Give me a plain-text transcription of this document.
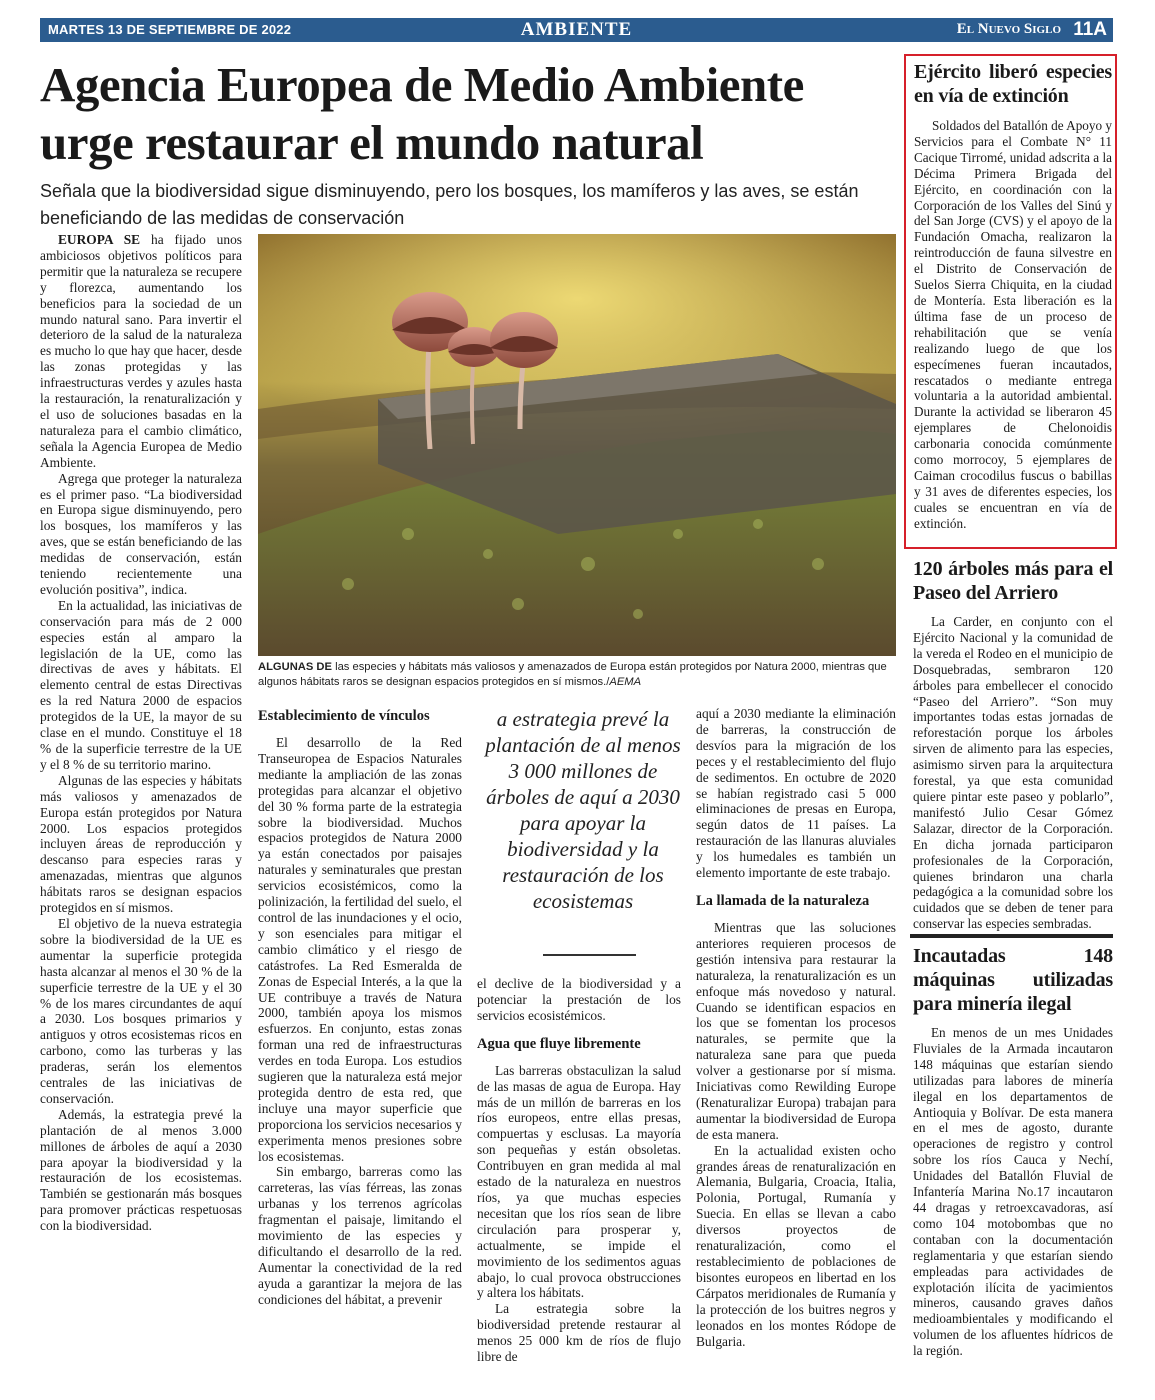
MARTES 13 DE SEPTIEMBRE DE 2022	AMBIENTE	El Nuevo Siglo 11A
Agencia Europea de Medio Ambiente
urge restaurar el mundo natural

Señala que la biodiversidad sigue disminuyendo, pero los bosques, los mamíferos y las aves, se están beneficiando de las medidas de conservación

EUROPA SE ha fijado unos ambiciosos objetivos políticos para permitir que la naturaleza se recupere y florezca, aumentando los beneficios para la sociedad de un mundo natural sano. Para invertir el deterioro de la salud de la naturaleza es mucho lo que hay que hacer, desde las zonas protegidas y las infraestructuras verdes y azules hasta la restauración, la renaturalización y el uso de soluciones basadas en la naturaleza para el cambio climático, señala la Agencia Europea de Medio Ambiente.

Agrega que proteger la naturaleza es el primer paso. “La biodiversidad en Europa sigue disminuyendo, pero los bosques, los mamíferos y las aves, que se están beneficiando de las medidas de conservación, están teniendo recientemente una evolución positiva”, indica.

En la actualidad, las iniciativas de conservación para más de 2 000 especies están al amparo la legislación de la UE, como las directivas de aves y hábitats. El elemento central de estas Directivas es la red Natura 2000 de espacios protegidos de la UE, la mayor de su clase en el mundo. Constituye el 18 % de la superficie terrestre de la UE y el 8 % de su territorio marino.

Algunas de las especies y hábitats más valiosos y amenazados de Europa están protegidos por Natura 2000. Los espacios protegidos incluyen áreas de reproducción y descanso para especies raras y amenazadas, mientras que algunos hábitats raros se designan espacios protegidos en sí mismos.

El objetivo de la nueva estrategia sobre la biodiversidad de la UE es aumentar la superficie protegida hasta alcanzar al menos el 30 % de la superficie terrestre de la UE y el 30 % de los mares circundantes de aquí a 2030. Los bosques primarios y antiguos y otros ecosistemas ricos en carbono, como las turberas y las praderas, serán los elementos centrales de las iniciativas de conservación.

Además, la estrategia prevé la plantación de al menos 3.000 millones de árboles de aquí a 2030 para apoyar la biodiversidad y la restauración de los ecosistemas. También se gestionarán más bosques para promover prácticas respetuosas con la biodiversidad.

ALGUNAS DE las especies y hábitats más valiosos y amenazados de Europa están protegidos por Natura 2000, mientras que algunos hábitats raros se designan espacios protegidos en sí mismos./AEMA

Establecimiento de vínculos

El desarrollo de la Red Transeuropea de Espacios Naturales mediante la ampliación de las zonas protegidas para alcanzar el objetivo del 30 % forma parte de la estrategia sobre la biodiversidad. Muchos espacios protegidos de Natura 2000 ya están conectados por paisajes naturales y seminaturales que prestan servicios ecosistémicos, como la polinización, la fertilidad del suelo, el control de las inundaciones y el ocio, y son esenciales para mitigar el cambio climático y el riesgo de catástrofes. La Red Esmeralda de Zonas de Especial Interés, a la que la UE contribuye a través de Natura 2000, también apoya los mismos esfuerzos. En conjunto, estas zonas forman una red de infraestructuras verdes en toda Europa. Los estudios sugieren que la naturaleza está mejor protegida dentro de esta red, que incluye una mayor superficie que proporciona los servicios necesarios y experimenta menos presiones sobre los ecosistemas.

Sin embargo, barreras como las carreteras, las vías férreas, las zonas urbanas y los terrenos agrícolas fragmentan el paisaje, limitando el movimiento de las especies y dificultando el desarrollo de la red. Aumentar la conectividad de la red ayuda a garantizar la mejora de las condiciones del hábitat, a prevenir

a estrategia prevé la plantación de al menos 3 000 millones de árboles de aquí a 2030 para apoyar la biodiversidad y la restauración de los ecosistemas

el declive de la biodiversidad y a potenciar la prestación de los servicios ecosistémicos.

Agua que fluye libremente

Las barreras obstaculizan la salud de las masas de agua de Europa. Hay más de un millón de barreras en los ríos europeos, entre ellas presas, compuertas y esclusas. La mayoría son pequeñas y están obsoletas. Contribuyen en gran medida al mal estado de la naturaleza en nuestros ríos, ya que muchas especies necesitan que los ríos sean de libre circulación para prosperar y, actualmente, se impide el movimiento de los sedimentos aguas abajo, lo cual provoca obstrucciones y altera los hábitats.

La estrategia sobre la biodiversidad pretende restaurar al menos 25 000 km de ríos de flujo libre de

aquí a 2030 mediante la eliminación de barreras, la construcción de desvíos para la migración de los peces y el restablecimiento del flujo de sedimentos. En octubre de 2020 se habían registrado casi 5 000 eliminaciones de presas en Europa, según datos de 11 países. La restauración de las llanuras aluviales y los humedales es también un elemento importante de este trabajo.

La llamada de la naturaleza

Mientras que las soluciones anteriores requieren procesos de gestión intensiva para restaurar la naturaleza, la renaturalización es un enfoque más novedoso y natural. Cuando se identifican espacios en los que se fomentan los procesos naturales, se permite que la naturaleza sane para que pueda volver a gestionarse por sí misma. Iniciativas como Rewilding Europe (Renaturalizar Europa) trabajan para aumentar la biodiversidad de Europa de esta manera.

En la actualidad existen ocho grandes áreas de renaturalización en Alemania, Bulgaria, Croacia, Italia, Polonia, Portugal, Rumanía y Suecia. En ellas se llevan a cabo diversos proyectos de renaturalización, como el restablecimiento de poblaciones de bisontes europeos en libertad en los Cárpatos meridionales de Rumanía y la protección de los buitres negros y leonados en los montes Ródope de Bulgaria.

Ejército liberó especies en vía de extinción

Soldados del Batallón de Apoyo y Servicios para el Combate N° 11 Cacique Tirromé, unidad adscrita a la Décima Primera Brigada del Ejército, en coordinación con la Corporación de los Valles del Sinú y del San Jorge (CVS) y el apoyo de la Fundación Omacha, realizaron la reintroducción de fauna silvestre en el Distrito de Conservación de Suelos Sierra Chiquita, en la ciudad de Montería. Esta liberación es la última fase de un proceso de rehabilitación que se venía realizando luego de que los especímenes fueran incautados, rescatados o mediante entrega voluntaria a la autoridad ambiental. Durante la actividad se liberaron 45 ejemplares de Chelonoidis carbonaria conocida comúnmente como morrocoy, 5 ejemplares de Caiman crocodilus fuscus o babillas y 31 aves de diferentes especies, los cuales se encuentran en vía de extinción.

120 árboles más para el Paseo del Arriero

La Carder, en conjunto con el Ejército Nacional y la comunidad de la vereda el Rodeo en el municipio de Dosquebradas, sembraron 120 árboles para embellecer el conocido “Paseo del Arriero”. “Son muy importantes todas estas jornadas de reforestación porque los árboles sirven de alimento para las especies, asimismo sirven para la arquitectura forestal, ya que esta comunidad quiere pintar este paseo y poblarlo”, manifestó Julio Cesar Gómez Salazar, director de la Corporación. En dicha jornada participaron profesionales de la Corporación, quienes brindaron una charla pedagógica a la comunidad sobre los cuidados que se deben de tener para conservar las especies sembradas.

Incautadas 148 máquinas utilizadas para minería ilegal

En menos de un mes Unidades Fluviales de la Armada incautaron 148 máquinas que estarían siendo utilizadas para labores de minería ilegal en los departamentos de Antioquia y Bolívar. De esta manera en el mes de agosto, durante operaciones de registro y control sobre los ríos Cauca y Nechí, Unidades del Batallón Fluvial de Infantería Marina No.17 incautaron 44 dragas y retroexcavadoras, así como 104 motobombas que no contaban con la documentación reglamentaria y que estarían siendo empleadas para actividades de explotación ilícita de yacimientos mineros, causando graves daños medioambientales y modificando el volumen de los afluentes hídricos de la región.
